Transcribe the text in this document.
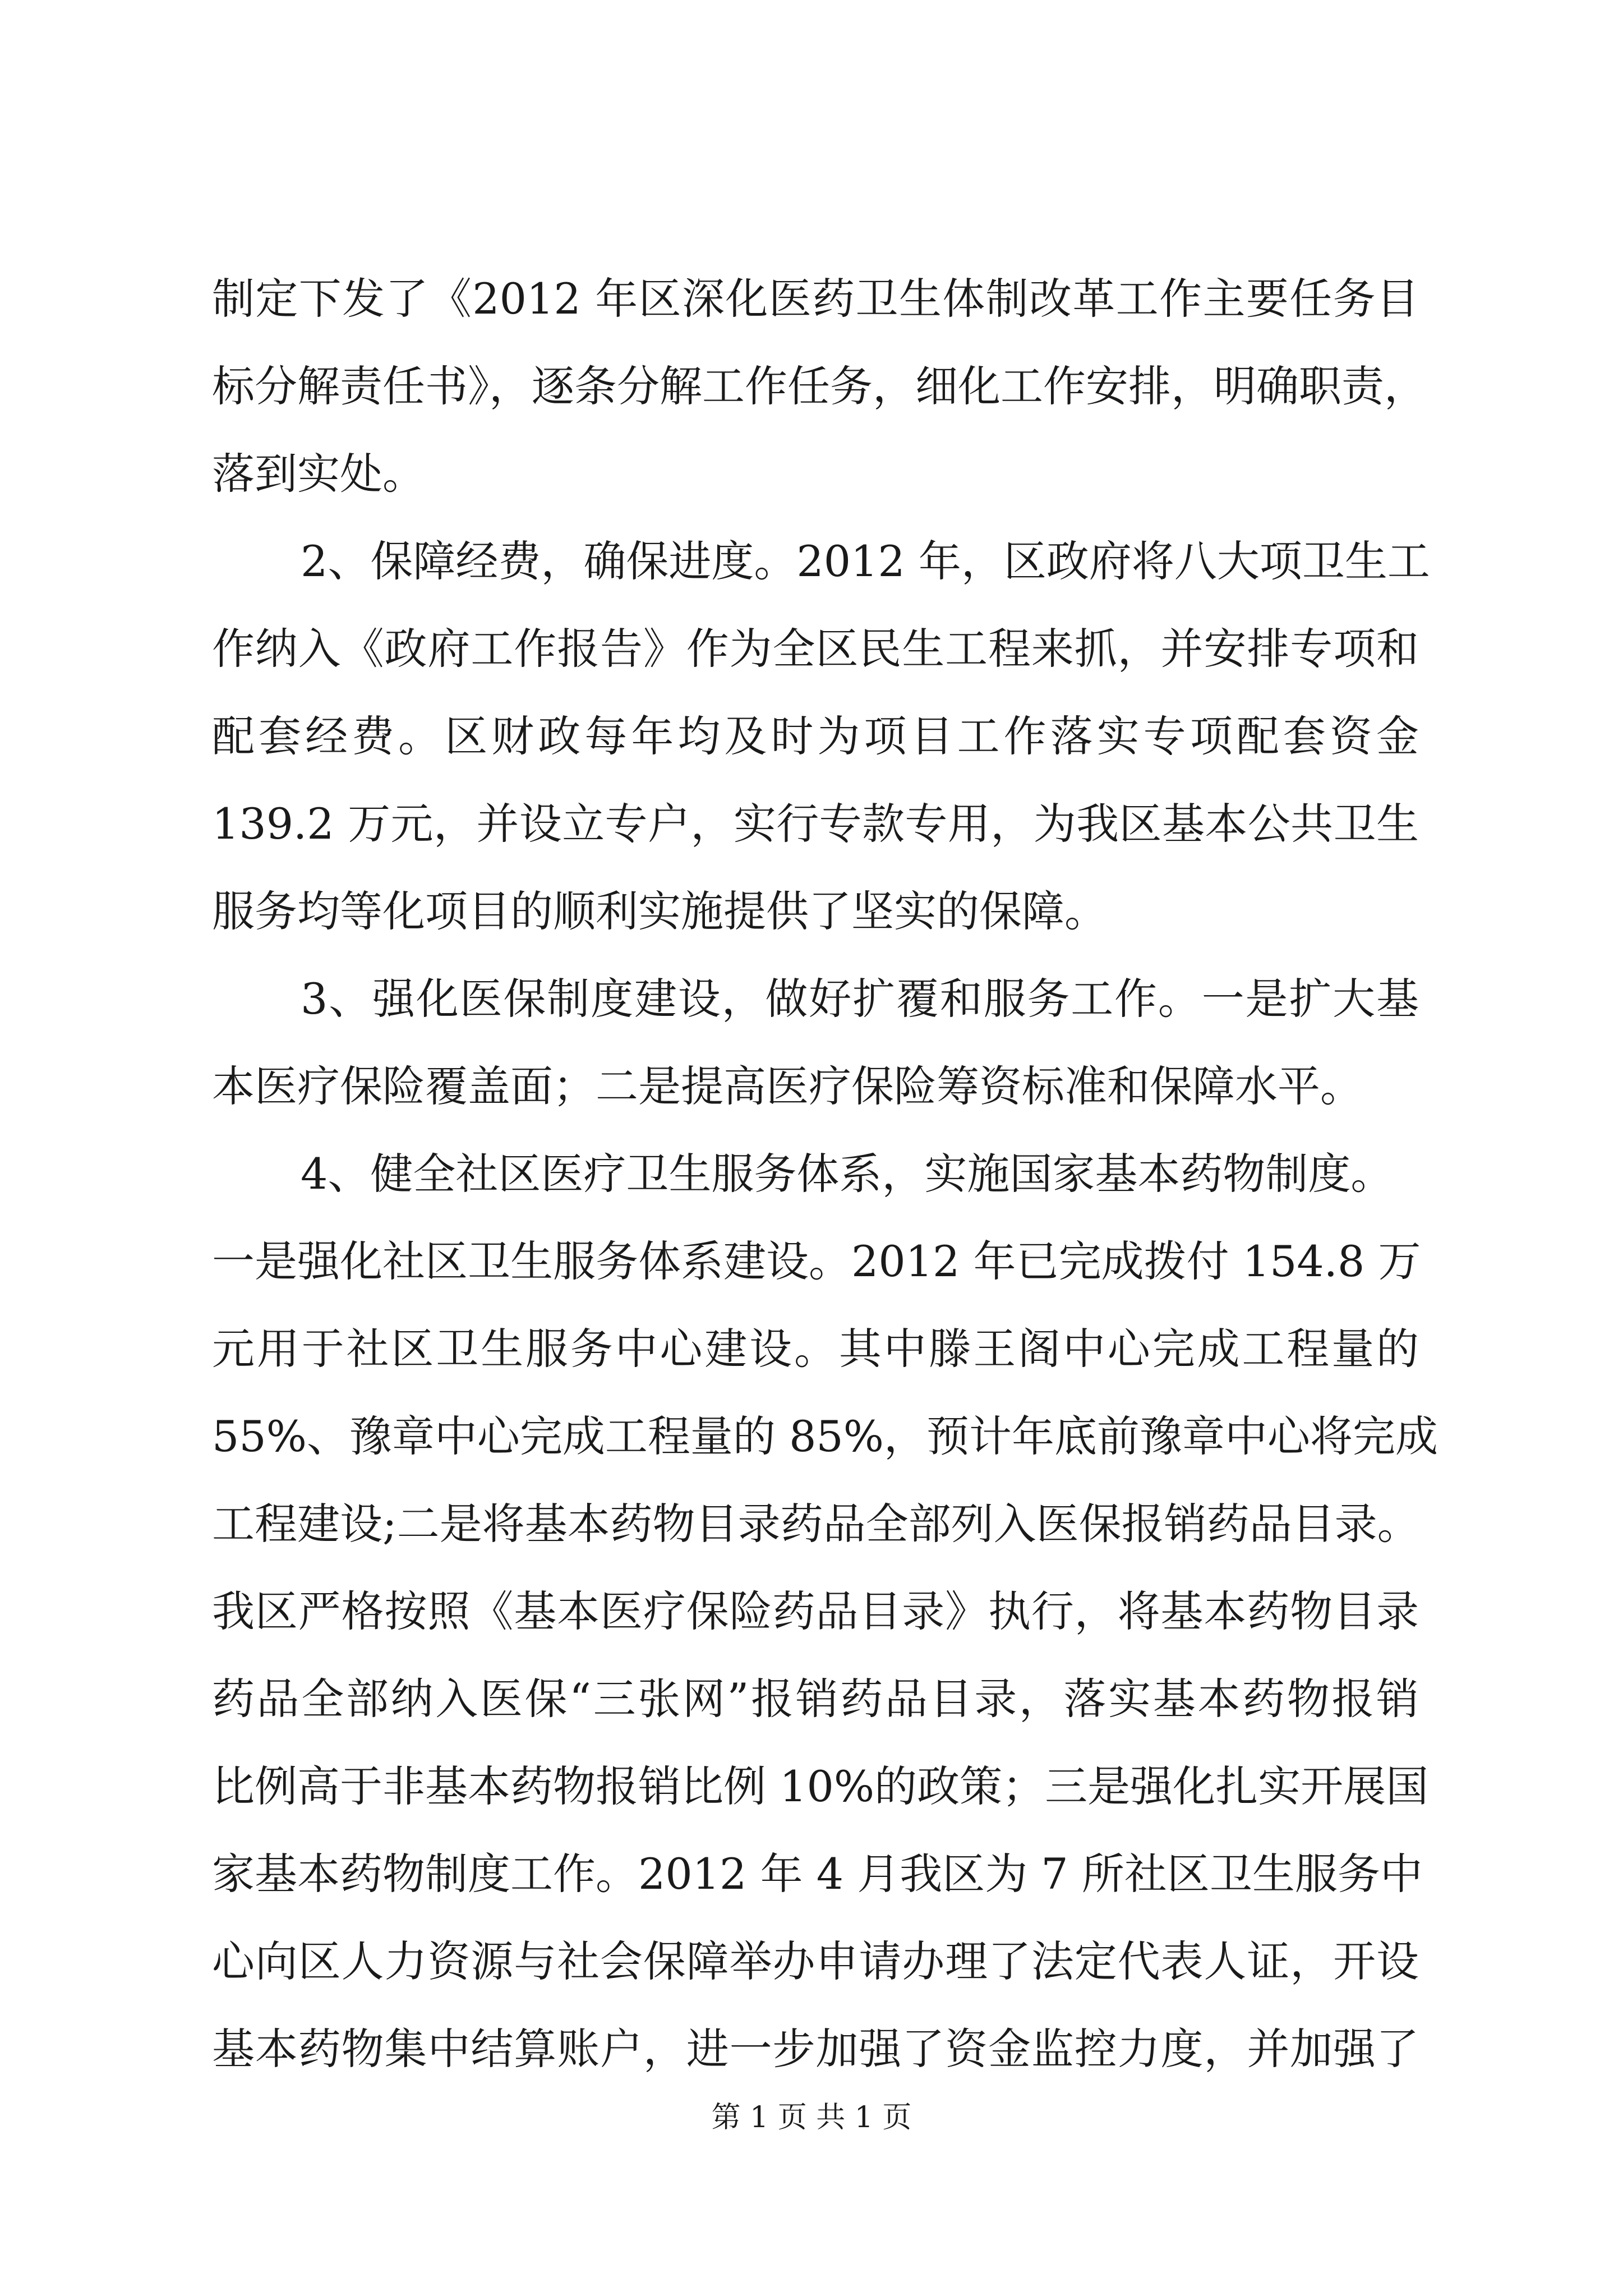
制定下发了《2012 年区深化医药卫生体制改革工作主要任务目
标分解责任书》，逐条分解工作任务，细化工作安排，明确职责，
落到实处。
2、保障经费，确保进度。2012 年，区政府将八大项卫生工
作纳入《政府工作报告》作为全区民生工程来抓，并安排专项和
配套经费。区财政每年均及时为项目工作落实专项配套资金
139.2 万元，并设立专户，实行专款专用，为我区基本公共卫生
服务均等化项目的顺利实施提供了坚实的保障。
3、强化医保制度建设，做好扩覆和服务工作。一是扩大基
本医疗保险覆盖面；二是提高医疗保险筹资标准和保障水平。
4、健全社区医疗卫生服务体系，实施国家基本药物制度。
一是强化社区卫生服务体系建设。2012 年已完成拨付 154.8 万
元用于社区卫生服务中心建设。其中滕王阁中心完成工程量的
55%、豫章中心完成工程量的 85%，预计年底前豫章中心将完成
工程建设;二是将基本药物目录药品全部列入医保报销药品目录。
我区严格按照《基本医疗保险药品目录》执行，将基本药物目录
药品全部纳入医保“三张网”报销药品目录，落实基本药物报销
比例高于非基本药物报销比例 10%的政策；三是强化扎实开展国
家基本药物制度工作。2012 年 4 月我区为 7 所社区卫生服务中
心向区人力资源与社会保障举办申请办理了法定代表人证，开设
基本药物集中结算账户，进一步加强了资金监控力度，并加强了
第 1 页 共 1 页
